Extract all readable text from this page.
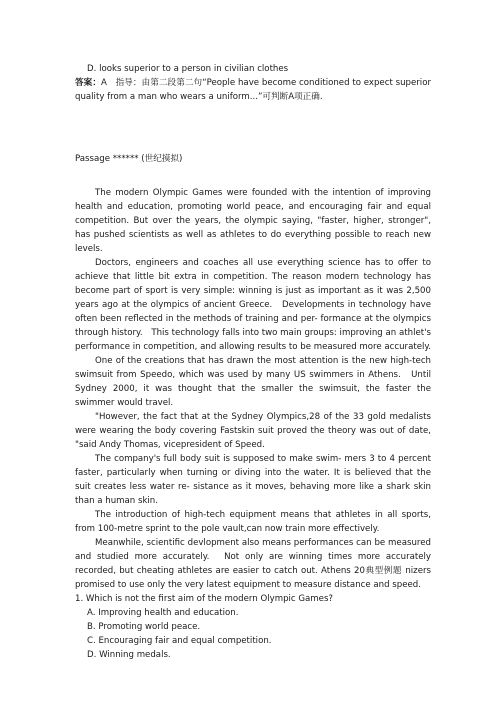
D. looks superior to a person in civilian clothes

答案：A　指导：由第二段第二句“People have become conditioned to expect superior quality from a man who wears a uniform...”可判断A项正确.

Passage ****** (世纪摸拟)

The modern Olympic Games were founded with the intention of improving health and education, promoting world peace, and encouraging fair and equal competition. But over the years, the olympic saying, "faster, higher, stronger", has pushed scientists as well as athletes to do everything possible to reach new levels.

Doctors, engineers and coaches all use everything science has to offer to achieve that little bit extra in competition. The reason modern technology has become part of sport is very simple: winning is just as important as it was 2,500 years ago at the olympics of ancient Greece.　Developments in technology have often been reflected in the methods of training and per- formance at the olympics through history.　This technology falls into two main groups: improving an athlet's performance in competition, and allowing results to be measured more accurately.

One of the creations that has drawn the most attention is the new high-tech swimsuit from Speedo, which was used by many US swimmers in Athens.　Until Sydney 2000, it was thought that the smaller the swimsuit, the faster the swimmer would travel.

"However, the fact that at the Sydney Olympics,28 of the 33 gold medalists were wearing the body covering Fastskin suit proved the theory was out of date, "said Andy Thomas, vicepresident of Speed.

The company's full body suit is supposed to make swim- mers 3 to 4 percent faster, particularly when turning or diving into the water. It is believed that the suit creates less water re- sistance as it moves, behaving more like a shark skin than a human skin.

The introduction of high-tech equipment means that athletes in all sports, from 100-metre sprint to the pole vault,can now train more effectively.

Meanwhile, scientific devlopment also means performances can be measured and studied more accurately.　Not only are winning times more accurately recorded, but cheating athletes are easier to catch out. Athens 20典型例题 nizers promised to use only the very latest equipment to measure distance and speed.

1. Which is not the first aim of the modern Olympic Games?

A. Improving health and education.

B. Promoting world peace.

C. Encouraging fair and equal competition.

D. Winning medals.
